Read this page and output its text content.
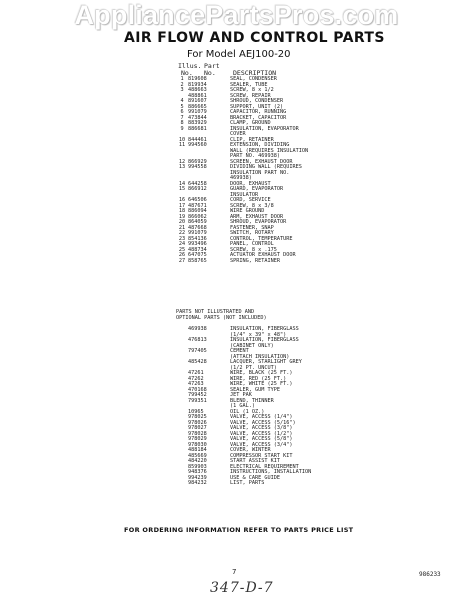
AppliancePartsPros.com
AIR FLOW AND CONTROL PARTS
For Model AEJ100-20
Illus. Part
No. No.	DESCRIPTION
1 819608	SEAL, CONDENSER
2 819934	SEALER, TUBE
3 488663	SCREW, 8 x 1/2
488861	SCREW, REPAIR
4 891607	SHROUD, CONDENSER
5 886665	SUPPORT, UNIT (2)
6 991079	CAPACITOR, RUNNING
7 473844	BRACKET, CAPACITOR
8 883929	CLAMP, GROUND
9 886681	INSULATION, EVAPORATOR
COVER
10 844461	CLIP, RETAINER
11 994560	EXTENSION, DIVIDING
WALL (REQUIRES INSULATION
PART NO. 469938)
12 866929	SCREEN, EXHAUST DOOR
13 994558	DIVIDING WALL (REQUIRES
INSULATION PART NO.
469938)
14 644258	DOOR, EXHAUST
15 866912	GUARD, EVAPORATOR
INSULATOR
16 646506	CORD, SERVICE
17 487671	SCREW, 8 x 3/8
18 886094	WIRE GROUND
19 866062	ARM, EXHAUST DOOR
20 864059	SHROUD, EVAPORATOR
21 487668	FASTENER, SNAP
22 991079	SWITCH, ROTARY
23 854136	CONTROL, TEMPERATURE
24 993496	PANEL, CONTROL
25 488734	SCREW, 8 x .175
26 647075	ACTUATOR EXHAUST DOOR
27 858765	SPRING, RETAINER
PARTS NOT ILLUSTRATED AND
OPTIONAL PARTS (NOT INCLUDED)
469938	INSULATION, FIBERGLASS
(1/4" x 39" x 48")
476813	INSULATION, FIBERGLASS
(CABINET ONLY)
797405	CEMENT
(ATTACH INSULATION)
485428	LACQUER, STARLIGHT GREY
(1/2 PT. UNCUT)
47261	WIRE, BLACK (25 FT.)
47262	WIRE, RED (25 FT.)
47263	WIRE, WHITE (25 FT.)
470168	SEALER, GUM TYPE
799452	JET PAK
799351	BLEND, THINNER
(1 GAL.)
10965	OIL (1 OZ.)
978025	VALVE, ACCESS (1/4")
978026	VALVE, ACCESS (5/16")
978027	VALVE, ACCESS (3/8")
978028	VALVE, ACCESS (1/2")
978029	VALVE, ACCESS (5/8")
978030	VALVE, ACCESS (3/4")
488184	COVER, WINTER
485669	COMPRESSOR START KIT
484220	START ASSIST KIT
859903	ELECTRICAL REQUIREMENT
948376	INSTRUCTIONS, INSTALLATION
994239	USE & CARE GUIDE
984232	LIST, PARTS
FOR ORDERING INFORMATION REFER TO PARTS PRICE LIST
7	986233
347-D-7
